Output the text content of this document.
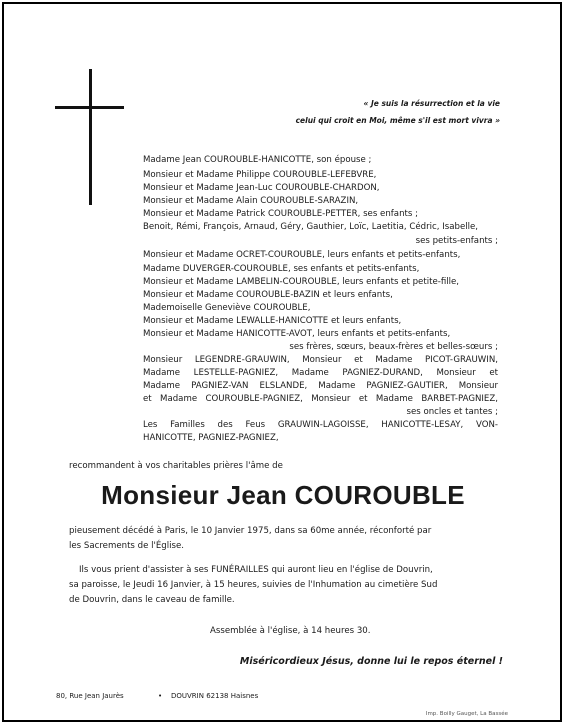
« Je suis la résurrection et la vie
celui qui croit en Moi, même s'il est mort vivra »
Madame Jean COUROUBLE-HANICOTTE, son épouse ;
Monsieur et Madame Philippe COUROUBLE-LEFEBVRE,
Monsieur et Madame Jean-Luc COUROUBLE-CHARDON,
Monsieur et Madame Alain COUROUBLE-SARAZIN,
Monsieur et Madame Patrick COUROUBLE-PETTER, ses enfants ;
Benoit, Rémi, François, Arnaud, Géry, Gauthier, Loïc, Laetitia, Cédric, Isabelle,
ses petits-enfants ;
Monsieur et Madame OCRET-COUROUBLE, leurs enfants et petits-enfants,
Madame DUVERGER-COUROUBLE, ses enfants et petits-enfants,
Monsieur et Madame LAMBELIN-COUROUBLE, leurs enfants et petite-fille,
Monsieur et Madame COUROUBLE-BAZIN et leurs enfants,
Mademoiselle Geneviève COUROUBLE,
Monsieur et Madame LEWALLE-HANICOTTE et leurs enfants,
Monsieur et Madame HANICOTTE-AVOT, leurs enfants et petits-enfants,
ses frères, sœurs, beaux-frères et belles-sœurs ;
Monsieur LEGENDRE-GRAUWIN, Monsieur et Madame PICOT-GRAUWIN,
Madame LESTELLE-PAGNIEZ, Madame PAGNIEZ-DURAND, Monsieur et
Madame PAGNIEZ-VAN ELSLANDE, Madame PAGNIEZ-GAUTIER, Monsieur
et Madame COUROUBLE-PAGNIEZ, Monsieur et Madame BARBET-PAGNIEZ,
ses oncles et tantes ;
Les Familles des Feus GRAUWIN-LAGOISSE, HANICOTTE-LESAY, VON-
HANICOTTE, PAGNIEZ-PAGNIEZ,
recommandent à vos charitables prières l'âme de
Monsieur Jean COUROUBLE
pieusement décédé à Paris, le 10 Janvier 1975, dans sa 60me année, réconforté par
les Sacrements de l'Église.
Ils vous prient d'assister à ses FUNÉRAILLES qui auront lieu en l'église de Douvrin,
sa paroisse, le Jeudi 16 Janvier, à 15 heures, suivies de l'Inhumation au cimetière Sud
de Douvrin, dans le caveau de famille.
Assemblée à l'église, à 14 heures 30.
Miséricordieux Jésus, donne lui le repos éternel !
80, Rue Jean Jaurès	• DOUVRIN 62138 Haisnes
Imp. Boilly Gauget, La Bassée
